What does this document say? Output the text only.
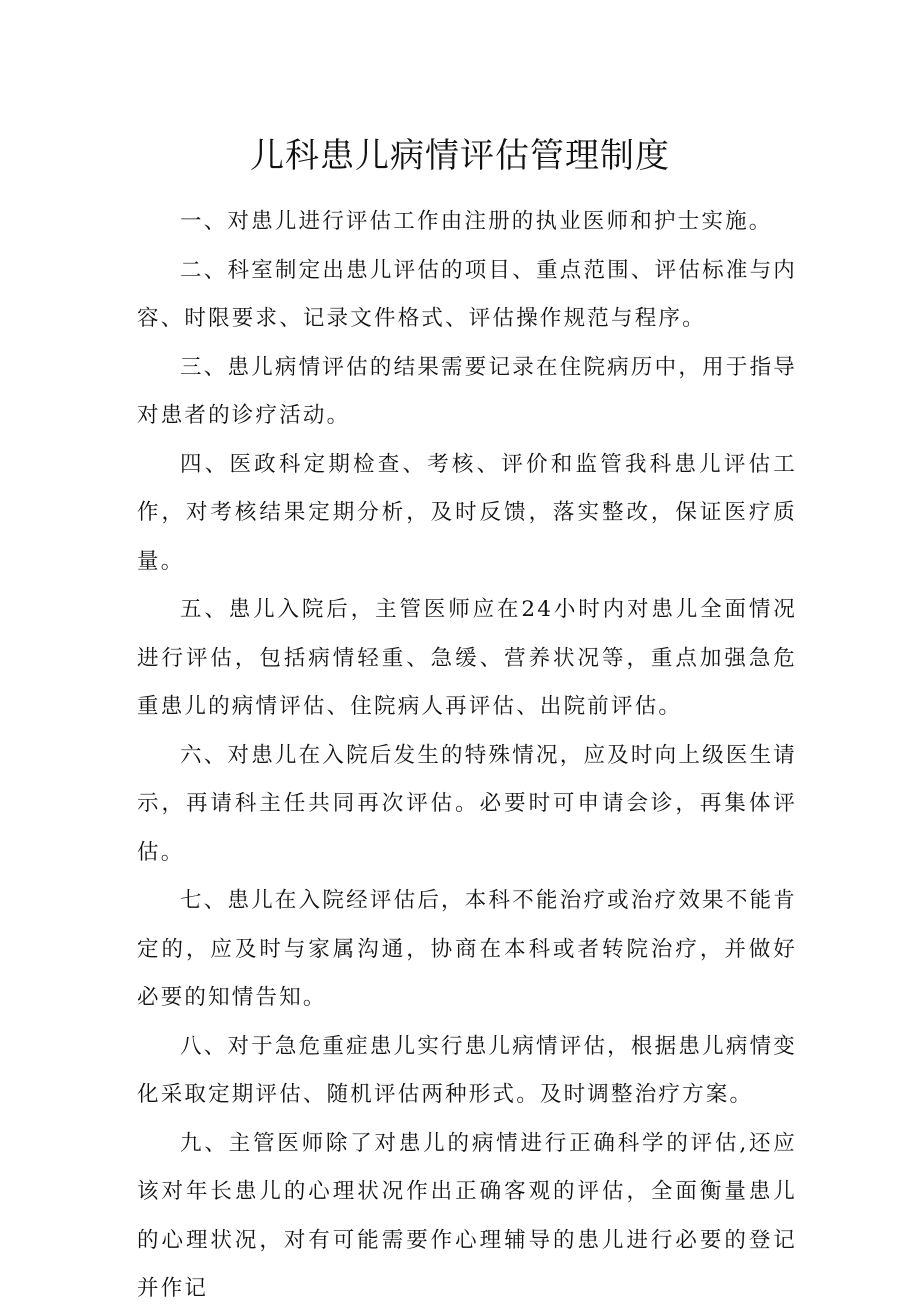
儿科患儿病情评估管理制度

一、对患儿进行评估工作由注册的执业医师和护士实施。

二、科室制定出患儿评估的项目、重点范围、评估标准与内容、时限要求、记录文件格式、评估操作规范与程序。

三、患儿病情评估的结果需要记录在住院病历中，用于指导对患者的诊疗活动。

四、医政科定期检查、考核、评价和监管我科患儿评估工作，对考核结果定期分析，及时反馈，落实整改，保证医疗质量。

五、患儿入院后，主管医师应在24小时内对患儿全面情况进行评估，包括病情轻重、急缓、营养状况等，重点加强急危重患儿的病情评估、住院病人再评估、出院前评估。

六、对患儿在入院后发生的特殊情况，应及时向上级医生请示，再请科主任共同再次评估。必要时可申请会诊，再集体评估。

七、患儿在入院经评估后，本科不能治疗或治疗效果不能肯定的，应及时与家属沟通，协商在本科或者转院治疗，并做好必要的知情告知。

八、对于急危重症患儿实行患儿病情评估，根据患儿病情变化采取定期评估、随机评估两种形式。及时调整治疗方案。

九、主管医师除了对患儿的病情进行正确科学的评估,还应该对年长患儿的心理状况作出正确客观的评估，全面衡量患儿的心理状况，对有可能需要作心理辅导的患儿进行必要的登记并作记
